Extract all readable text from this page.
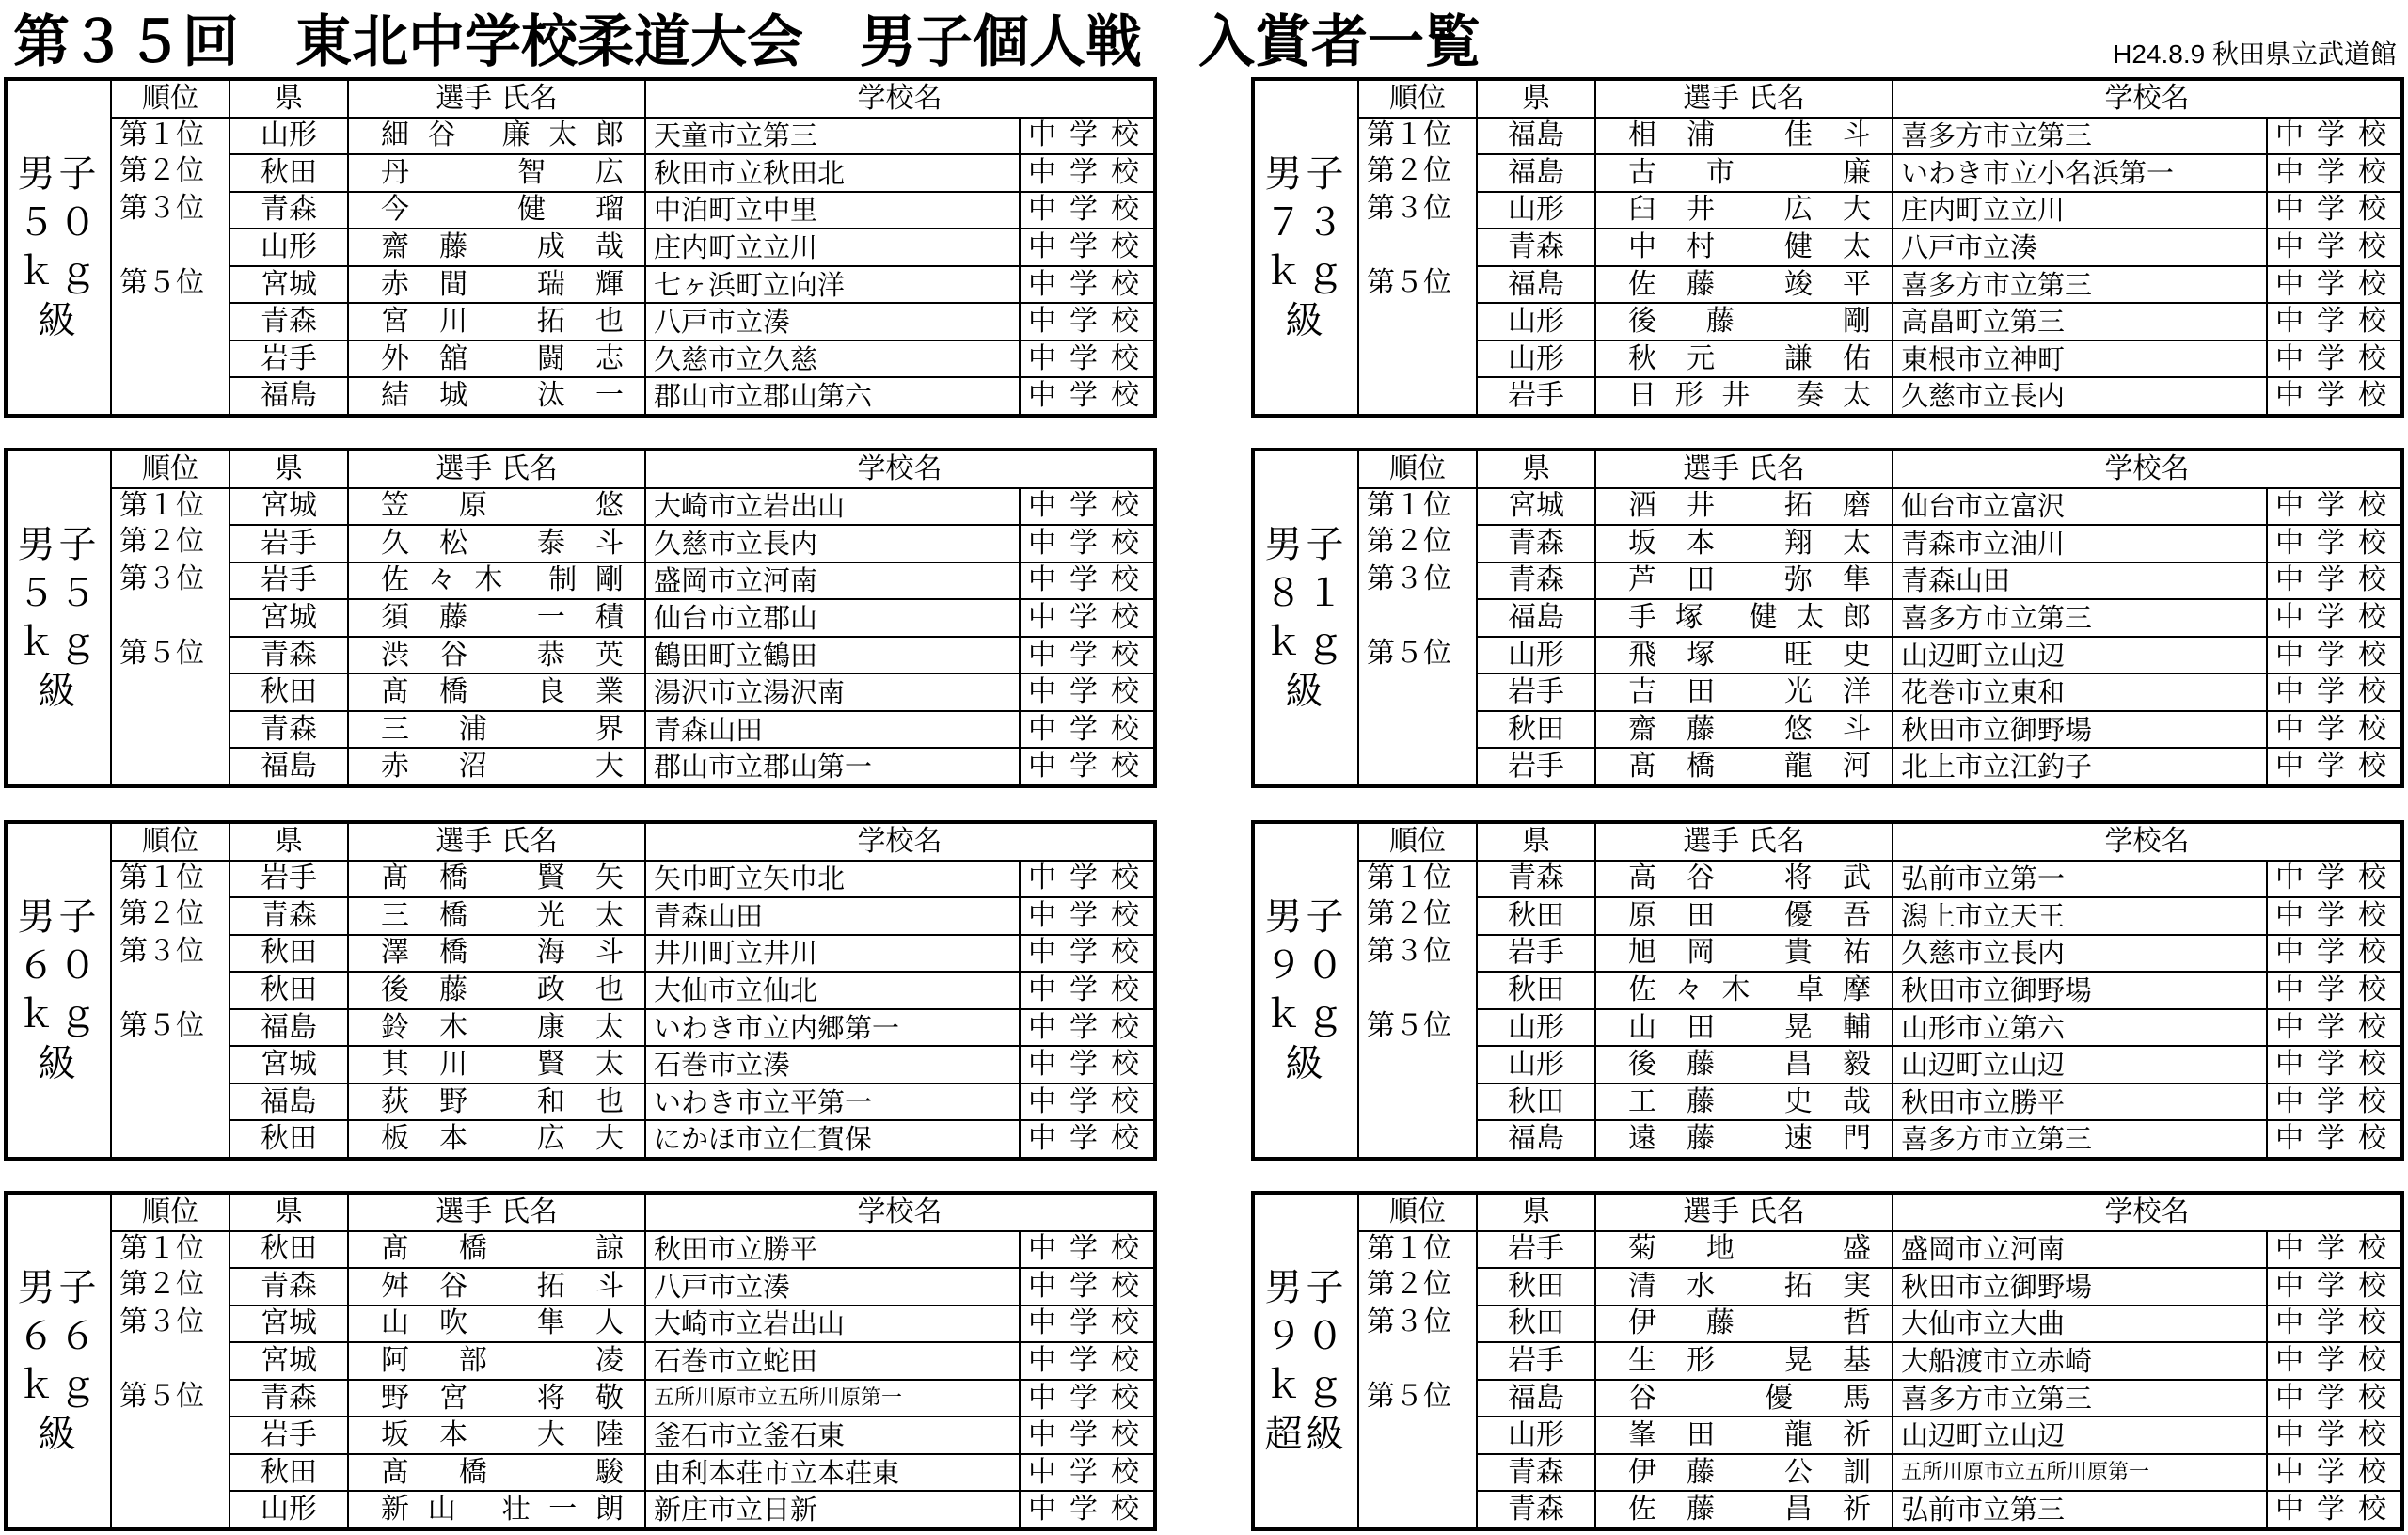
第３５回　東北中学校柔道大会　男子個人戦　入賞者一覧	H24.8.9 秋田県立武道館
男子５０ｋｇ級	順位	県	選手 氏名	学校名	
	第１位	山形	細谷 廉太郎	天童市立第三	中学校
	第２位	秋田	丹 智広	秋田市立秋田北	中学校
	第３位	青森	今 健瑠	中泊町立中里	中学校
		山形	齋藤 成哉	庄内町立立川	中学校
	第５位	宮城	赤間 瑞輝	七ヶ浜町立向洋	中学校
		青森	宮川 拓也	八戸市立湊	中学校
		岩手	外舘 闘志	久慈市立久慈	中学校
		福島	結城 汰一	郡山市立郡山第六	中学校
男子５５ｋｇ級	順位	県	選手 氏名	学校名	
	第１位	宮城	笠原 悠	大崎市立岩出山	中学校
	第２位	岩手	久松 泰斗	久慈市立長内	中学校
	第３位	岩手	佐々木 制剛	盛岡市立河南	中学校
		宮城	須藤 一積	仙台市立郡山	中学校
	第５位	青森	渋谷 恭英	鶴田町立鶴田	中学校
		秋田	髙橋 良業	湯沢市立湯沢南	中学校
		青森	三浦 界	青森山田	中学校
		福島	赤沼 大	郡山市立郡山第一	中学校
男子６０ｋｇ級	順位	県	選手 氏名	学校名	
	第１位	岩手	髙橋 賢矢	矢巾町立矢巾北	中学校
	第２位	青森	三橋 光太	青森山田	中学校
	第３位	秋田	澤橋 海斗	井川町立井川	中学校
		秋田	後藤 政也	大仙市立仙北	中学校
	第５位	福島	鈴木 康太	いわき市立内郷第一	中学校
		宮城	其川 賢太	石巻市立湊	中学校
		福島	荻野 和也	いわき市立平第一	中学校
		秋田	板本 広大	にかほ市立仁賀保	中学校
男子６６ｋｇ級	順位	県	選手 氏名	学校名	
	第１位	秋田	髙橋 諒	秋田市立勝平	中学校
	第２位	青森	舛谷 拓斗	八戸市立湊	中学校
	第３位	宮城	山吹 隼人	大崎市立岩出山	中学校
		宮城	阿部 凌	石巻市立蛇田	中学校
	第５位	青森	野宮 将敬	五所川原市立五所川原第一	中学校
		岩手	坂本 大陸	釜石市立釜石東	中学校
		秋田	髙橋 駿	由利本荘市立本荘東	中学校
		山形	新山 壮一朗	新庄市立日新	中学校
男子７３ｋｇ級	順位	県	選手 氏名	学校名	
	第１位	福島	相浦 佳斗	喜多方市立第三	中学校
	第２位	福島	古市 廉	いわき市立小名浜第一	中学校
	第３位	山形	臼井 広大	庄内町立立川	中学校
		青森	中村 健太	八戸市立湊	中学校
	第５位	福島	佐藤 竣平	喜多方市立第三	中学校
		山形	後藤 剛	高畠町立第三	中学校
		山形	秋元 謙佑	東根市立神町	中学校
		岩手	日形井 奏太	久慈市立長内	中学校
男子８１ｋｇ級	順位	県	選手 氏名	学校名	
	第１位	宮城	酒井 拓磨	仙台市立富沢	中学校
	第２位	青森	坂本 翔太	青森市立油川	中学校
	第３位	青森	芦田 弥隼	青森山田	中学校
		福島	手塚 健太郎	喜多方市立第三	中学校
	第５位	山形	飛塚 旺史	山辺町立山辺	中学校
		岩手	吉田 光洋	花巻市立東和	中学校
		秋田	齋藤 悠斗	秋田市立御野場	中学校
		岩手	髙橋 龍河	北上市立江釣子	中学校
男子９０ｋｇ級	順位	県	選手 氏名	学校名	
	第１位	青森	高谷 将武	弘前市立第一	中学校
	第２位	秋田	原田 優吾	潟上市立天王	中学校
	第３位	岩手	旭岡 貴祐	久慈市立長内	中学校
		秋田	佐々木 卓摩	秋田市立御野場	中学校
	第５位	山形	山田 晃輔	山形市立第六	中学校
		山形	後藤 昌毅	山辺町立山辺	中学校
		秋田	工藤 史哉	秋田市立勝平	中学校
		福島	遠藤 速門	喜多方市立第三	中学校
男子９０ｋｇ超級	順位	県	選手 氏名	学校名	
	第１位	岩手	菊地 盛	盛岡市立河南	中学校
	第２位	秋田	清水 拓実	秋田市立御野場	中学校
	第３位	秋田	伊藤 哲	大仙市立大曲	中学校
		岩手	生形 晃基	大船渡市立赤崎	中学校
	第５位	福島	谷 優馬	喜多方市立第三	中学校
		山形	峯田 龍祈	山辺町立山辺	中学校
		青森	伊藤 公訓	五所川原市立五所川原第一	中学校
		青森	佐藤 昌祈	弘前市立第三	中学校
